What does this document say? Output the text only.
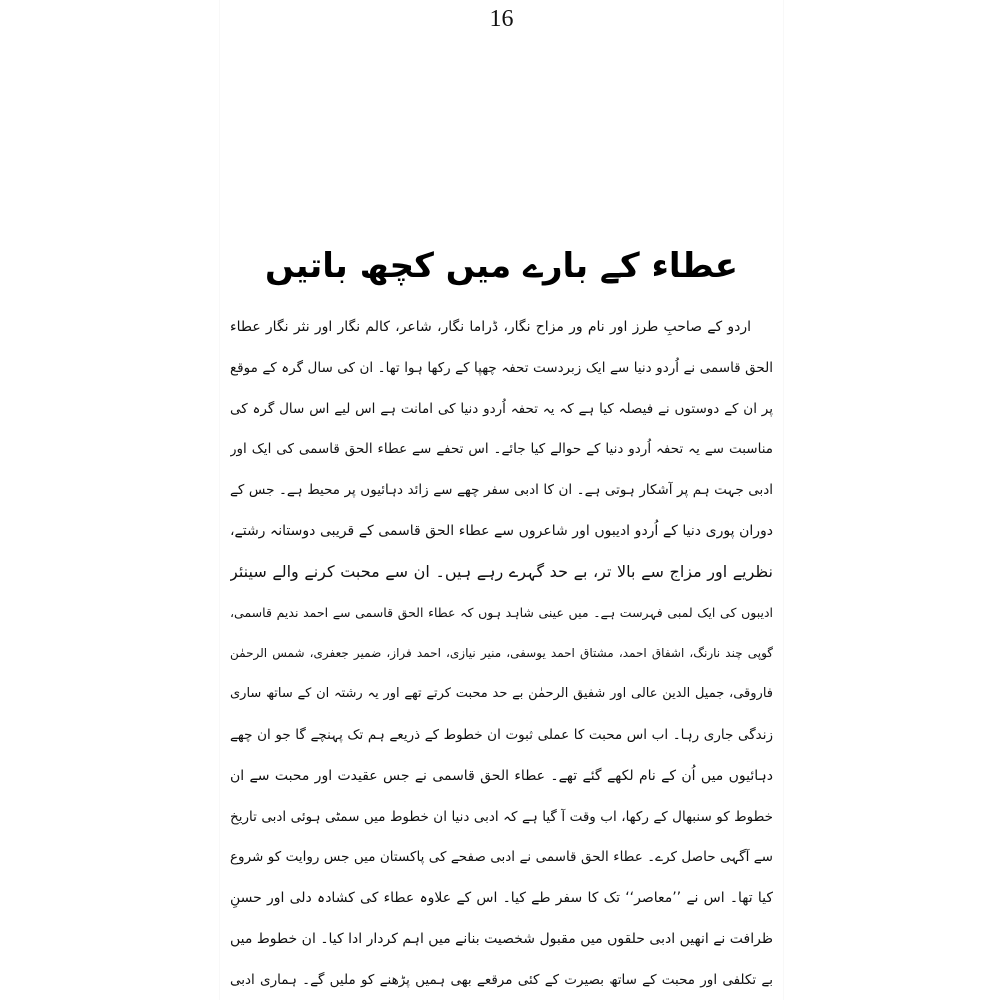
16
عطاء کے بارے میں کچھ باتیں
اردو کے صاحبِ طرز اور نام ور مزاح نگار، ڈراما نگار، شاعر، کالم نگار اور نثر نگار عطاء
الحق قاسمی نے اُردو دنیا سے ایک زبردست تحفہ چھپا کے رکھا ہوا تھا۔ ان کی سال گرہ کے موقع
پر ان کے دوستوں نے فیصلہ کیا ہے کہ یہ تحفہ اُردو دنیا کی امانت ہے اس لیے اس سال گرہ کی
مناسبت سے یہ تحفہ اُردو دنیا کے حوالے کیا جائے۔ اس تحفے سے عطاء الحق قاسمی کی ایک اور
ادبی جہت ہم پر آشکار ہوتی ہے۔ ان کا ادبی سفر چھے سے زائد دہائیوں پر محیط ہے۔ جس کے
دوران پوری دنیا کے اُردو ادیبوں اور شاعروں سے عطاء الحق قاسمی کے قریبی دوستانہ رشتے،
نظریے اور مزاج سے بالا تر، بے حد گہرے رہے ہیں۔ ان سے محبت کرنے والے سینئر
ادیبوں کی ایک لمبی فہرست ہے۔ میں عینی شاہد ہوں کہ عطاء الحق قاسمی سے احمد ندیم قاسمی،
گوپی چند نارنگ، اشفاق احمد، مشتاق احمد یوسفی، منیر نیازی، احمد فراز، ضمیر جعفری، شمس الرحمٰن
فاروقی، جمیل الدین عالی اور شفیق الرحمٰن بے حد محبت کرتے تھے اور یہ رشتہ ان کے ساتھ ساری
زندگی جاری رہا۔ اب اس محبت کا عملی ثبوت ان خطوط کے ذریعے ہم تک پہنچے گا جو ان چھے
دہائیوں میں اُن کے نام لکھے گئے تھے۔ عطاء الحق قاسمی نے جس عقیدت اور محبت سے ان
خطوط کو سنبھال کے رکھا، اب وقت آ گیا ہے کہ ادبی دنیا ان خطوط میں سمٹی ہوئی ادبی تاریخ
سے آگہی حاصل کرے۔ عطاء الحق قاسمی نے ادبی صفحے کی پاکستان میں جس روایت کو شروع
کیا تھا۔ اس نے ’’معاصر‘‘ تک کا سفر طے کیا۔ اس کے علاوہ عطاء کی کشادہ دلی اور حسنِ
ظرافت نے انھیں ادبی حلقوں میں مقبول شخصیت بنانے میں اہم کردار ادا کیا۔ ان خطوط میں
بے تکلفی اور محبت کے ساتھ بصیرت کے کئی مرقعے بھی ہمیں پڑھنے کو ملیں گے۔ ہماری ادبی
